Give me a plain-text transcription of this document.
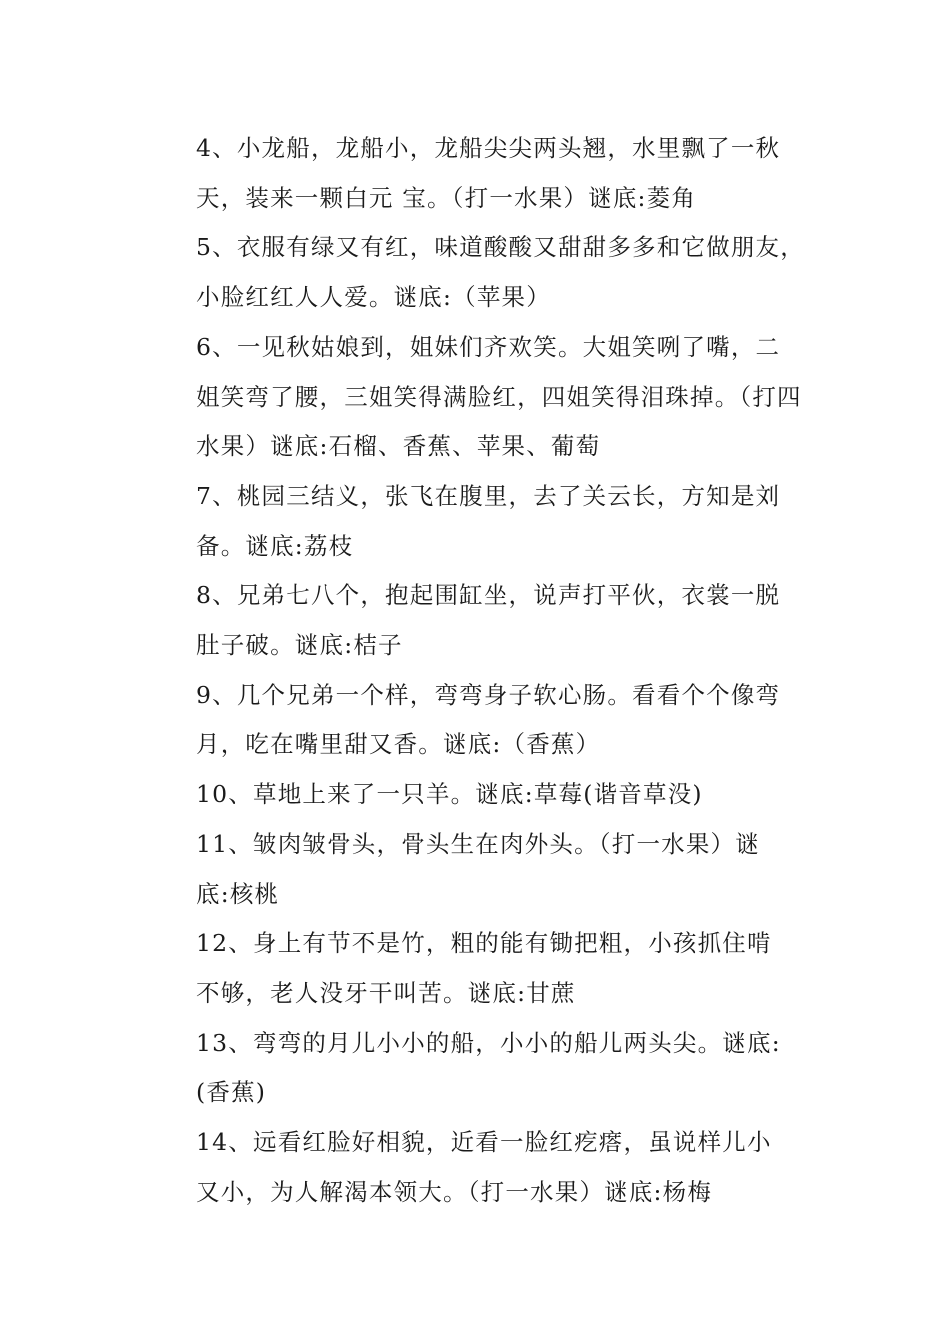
4、小龙船，龙船小，龙船尖尖两头翘，水里飘了一秋
天，装来一颗白元 宝。（打一水果）谜底:菱角
5、衣服有绿又有红，味道酸酸又甜甜多多和它做朋友，
小脸红红人人爱。谜底:（苹果）
6、一见秋姑娘到，姐妹们齐欢笑。大姐笑咧了嘴，二
姐笑弯了腰，三姐笑得满脸红，四姐笑得泪珠掉。（打四
水果）谜底:石榴、香蕉、苹果、葡萄
7、桃园三结义，张飞在腹里，去了关云长，方知是刘
备。谜底:荔枝
8、兄弟七八个，抱起围缸坐，说声打平伙，衣裳一脱
肚子破。谜底:桔子
9、几个兄弟一个样，弯弯身子软心肠。看看个个像弯
月，吃在嘴里甜又香。谜底:（香蕉）
10、草地上来了一只羊。谜底:草莓(谐音草没)
11、皱肉皱骨头，骨头生在肉外头。（打一水果）谜
底:核桃
12、身上有节不是竹，粗的能有锄把粗，小孩抓住啃
不够，老人没牙干叫苦。谜底:甘蔗
13、弯弯的月儿小小的船，小小的船儿两头尖。谜底:
(香蕉)
14、远看红脸好相貌，近看一脸红疙瘩，虽说样儿小
又小，为人解渴本领大。（打一水果）谜底:杨梅
